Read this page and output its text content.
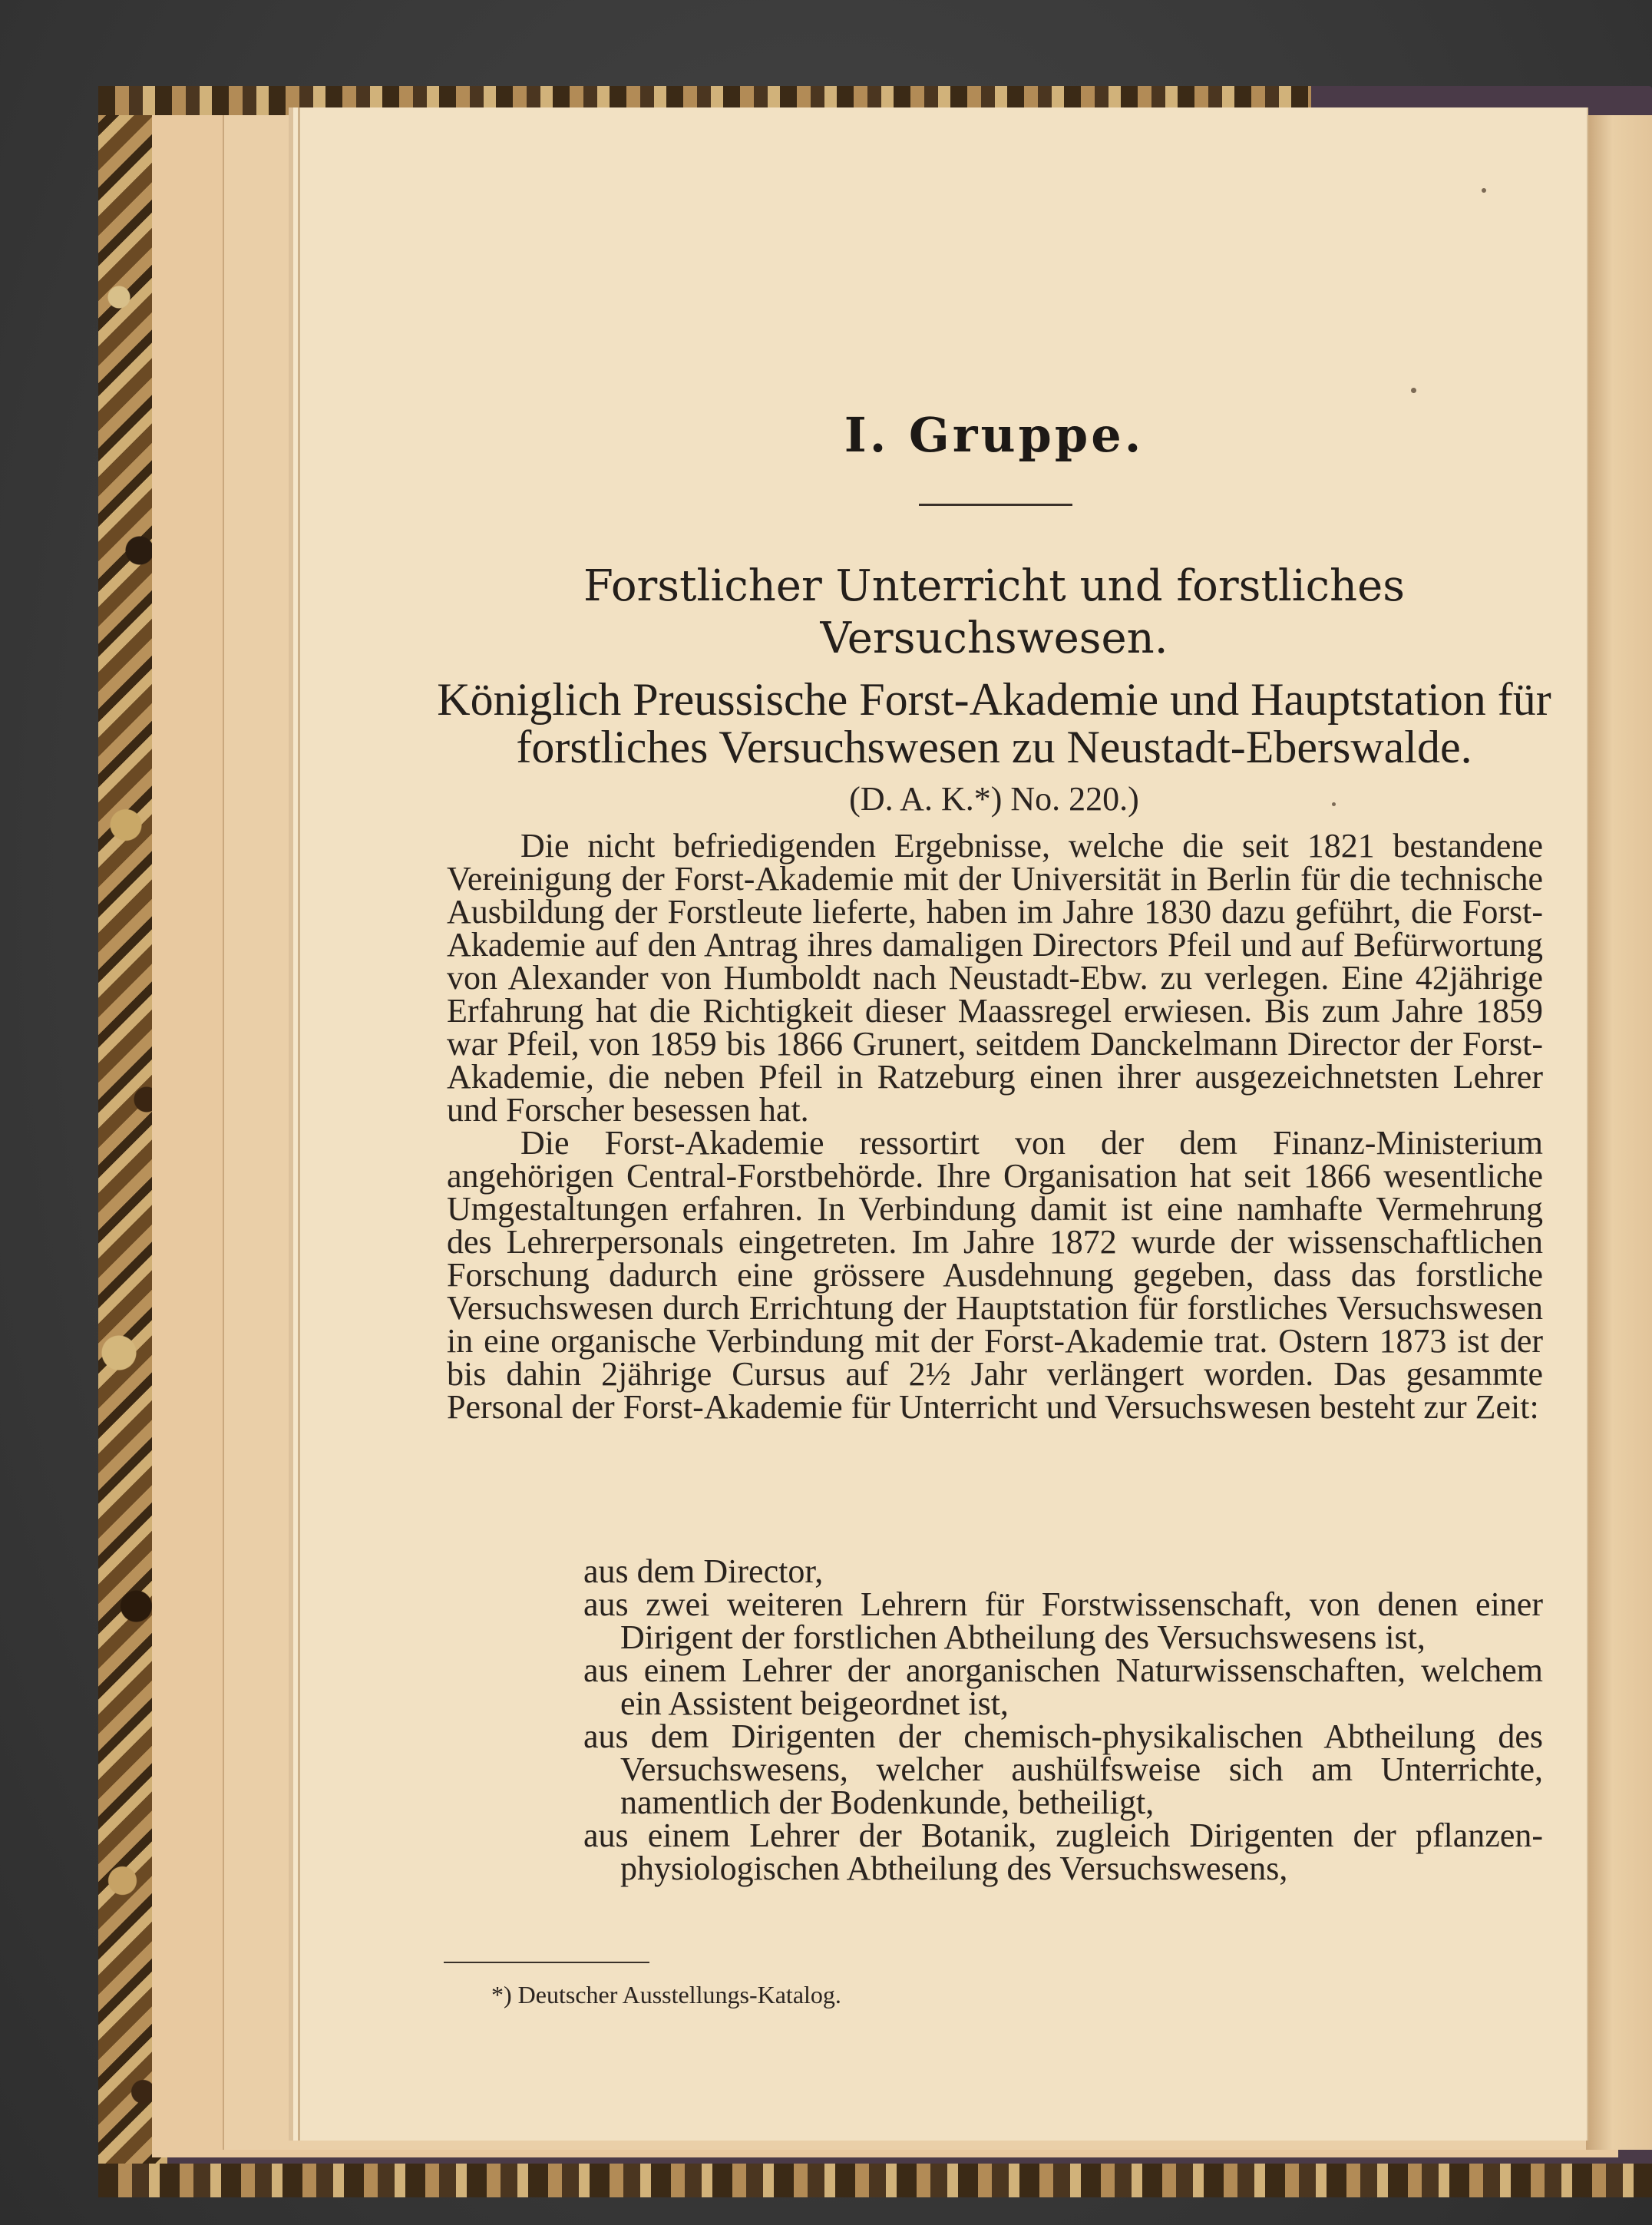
I. Gruppe.
Forstlicher Unterricht und forstliches Versuchswesen.
Königlich Preussische Forst-Akademie und Hauptstation für forstliches Versuchswesen zu Neustadt-Eberswalde.
(D. A. K.*) No. 220.)

Die nicht befriedigenden Ergebnisse, welche die seit 1821 bestandene Vereinigung der Forst-Akademie mit der Universität in Berlin für die technische Ausbildung der Forstleute lieferte, haben im Jahre 1830 dazu geführt, die Forst-Akademie auf den Antrag ihres damaligen Directors Pfeil und auf Befürwortung von Alexander von Humboldt nach Neustadt-Ebw. zu verlegen. Eine 42jährige Erfahrung hat die Richtigkeit dieser Maassregel erwiesen. Bis zum Jahre 1859 war Pfeil, von 1859 bis 1866 Grunert, seitdem Danckelmann Director der Forst-Akademie, die neben Pfeil in Ratzeburg einen ihrer ausgezeichnetsten Lehrer und Forscher besessen hat.

Die Forst-Akademie ressortirt von der dem Finanz-Ministerium angehörigen Central-Forstbehörde. Ihre Organisation hat seit 1866 wesentliche Umgestaltungen erfahren. In Verbindung damit ist eine namhafte Vermehrung des Lehrerpersonals eingetreten. Im Jahre 1872 wurde der wissenschaftlichen Forschung dadurch eine grössere Ausdehnung gegeben, dass das forstliche Versuchswesen durch Errichtung der Hauptstation für forstliches Versuchswesen in eine organische Verbindung mit der Forst-Akademie trat. Ostern 1873 ist der bis dahin 2jährige Cursus auf 2½ Jahr verlängert worden. Das gesammte Personal der Forst-Akademie für Unterricht und Versuchswesen besteht zur Zeit:

aus dem Director,
aus zwei weiteren Lehrern für Forstwissenschaft, von denen einer Dirigent der forstlichen Abtheilung des Versuchswesens ist,
aus einem Lehrer der anorganischen Naturwissenschaften, welchem ein Assistent beigeordnet ist,
aus dem Dirigenten der chemisch-physikalischen Abtheilung des Versuchswesens, welcher aushülfsweise sich am Unterrichte, namentlich der Bodenkunde, betheiligt,
aus einem Lehrer der Botanik, zugleich Dirigenten der pflanzen-physiologischen Abtheilung des Versuchswesens,
*) Deutscher Ausstellungs-Katalog.
